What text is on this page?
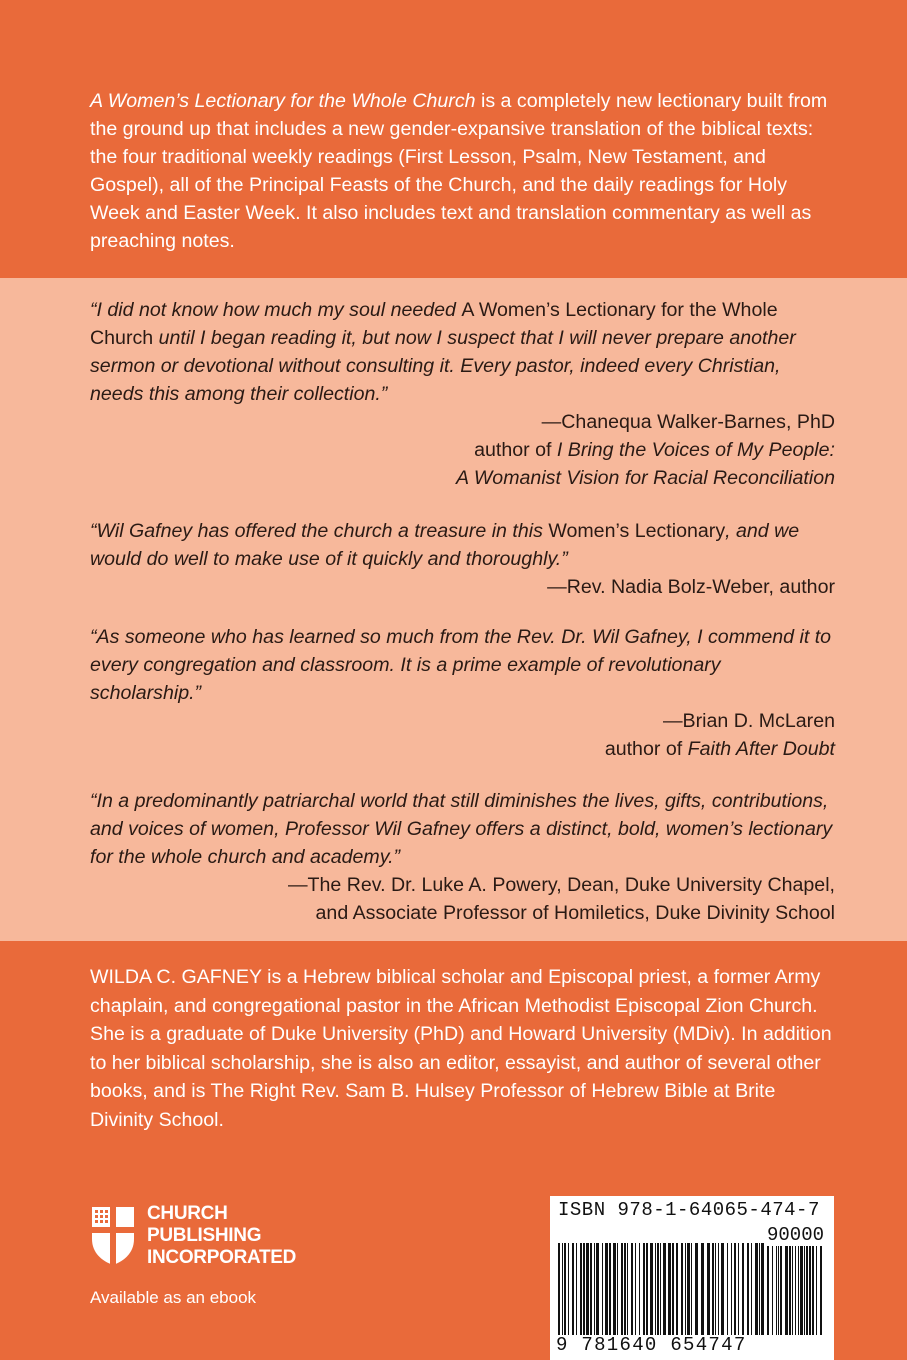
A Women’s Lectionary for the Whole Church is a completely new lectionary built from the ground up that includes a new gender-expansive translation of the biblical texts: the four traditional weekly readings (First Lesson, Psalm, New Testament, and Gospel), all of the Principal Feasts of the Church, and the daily readings for Holy Week and Easter Week. It also includes text and translation commentary as well as preaching notes.

“I did not know how much my soul needed A Women’s Lectionary for the Whole Church until I began reading it, but now I suspect that I will never prepare another sermon or devotional without consulting it. Every pastor, indeed every Christian, needs this among their collection.”
—Chanequa Walker-Barnes, PhD
author of I Bring the Voices of My People:
A Womanist Vision for Racial Reconciliation
“Wil Gafney has offered the church a treasure in this Women’s Lectionary, and we would do well to make use of it quickly and thoroughly.”
—Rev. Nadia Bolz-Weber, author
“As someone who has learned so much from the Rev. Dr. Wil Gafney, I commend it to every congregation and classroom. It is a prime example of revolutionary scholarship.”
—Brian D. McLaren
author of Faith After Doubt
“In a predominantly patriarchal world that still diminishes the lives, gifts, contributions, and voices of women, Professor Wil Gafney offers a distinct, bold, women’s lectionary for the whole church and academy.”
—The Rev. Dr. Luke A. Powery, Dean, Duke University Chapel,
and Associate Professor of Homiletics, Duke Divinity School

WILDA C. GAFNEY is a Hebrew biblical scholar and Episcopal priest, a former Army chaplain, and congregational pastor in the African Methodist Episcopal Zion Church. She is a graduate of Duke University (PhD) and Howard University (MDiv). In addition to her biblical scholarship, she is also an editor, essayist, and author of several other books, and is The Right Rev. Sam B. Hulsey Professor of Hebrew Bible at Brite Divinity School.

CHURCH
PUBLISHING
INCORPORATED
Available as an ebook
ISBN 978-1-64065-474-7
90000
9 781640 654747
